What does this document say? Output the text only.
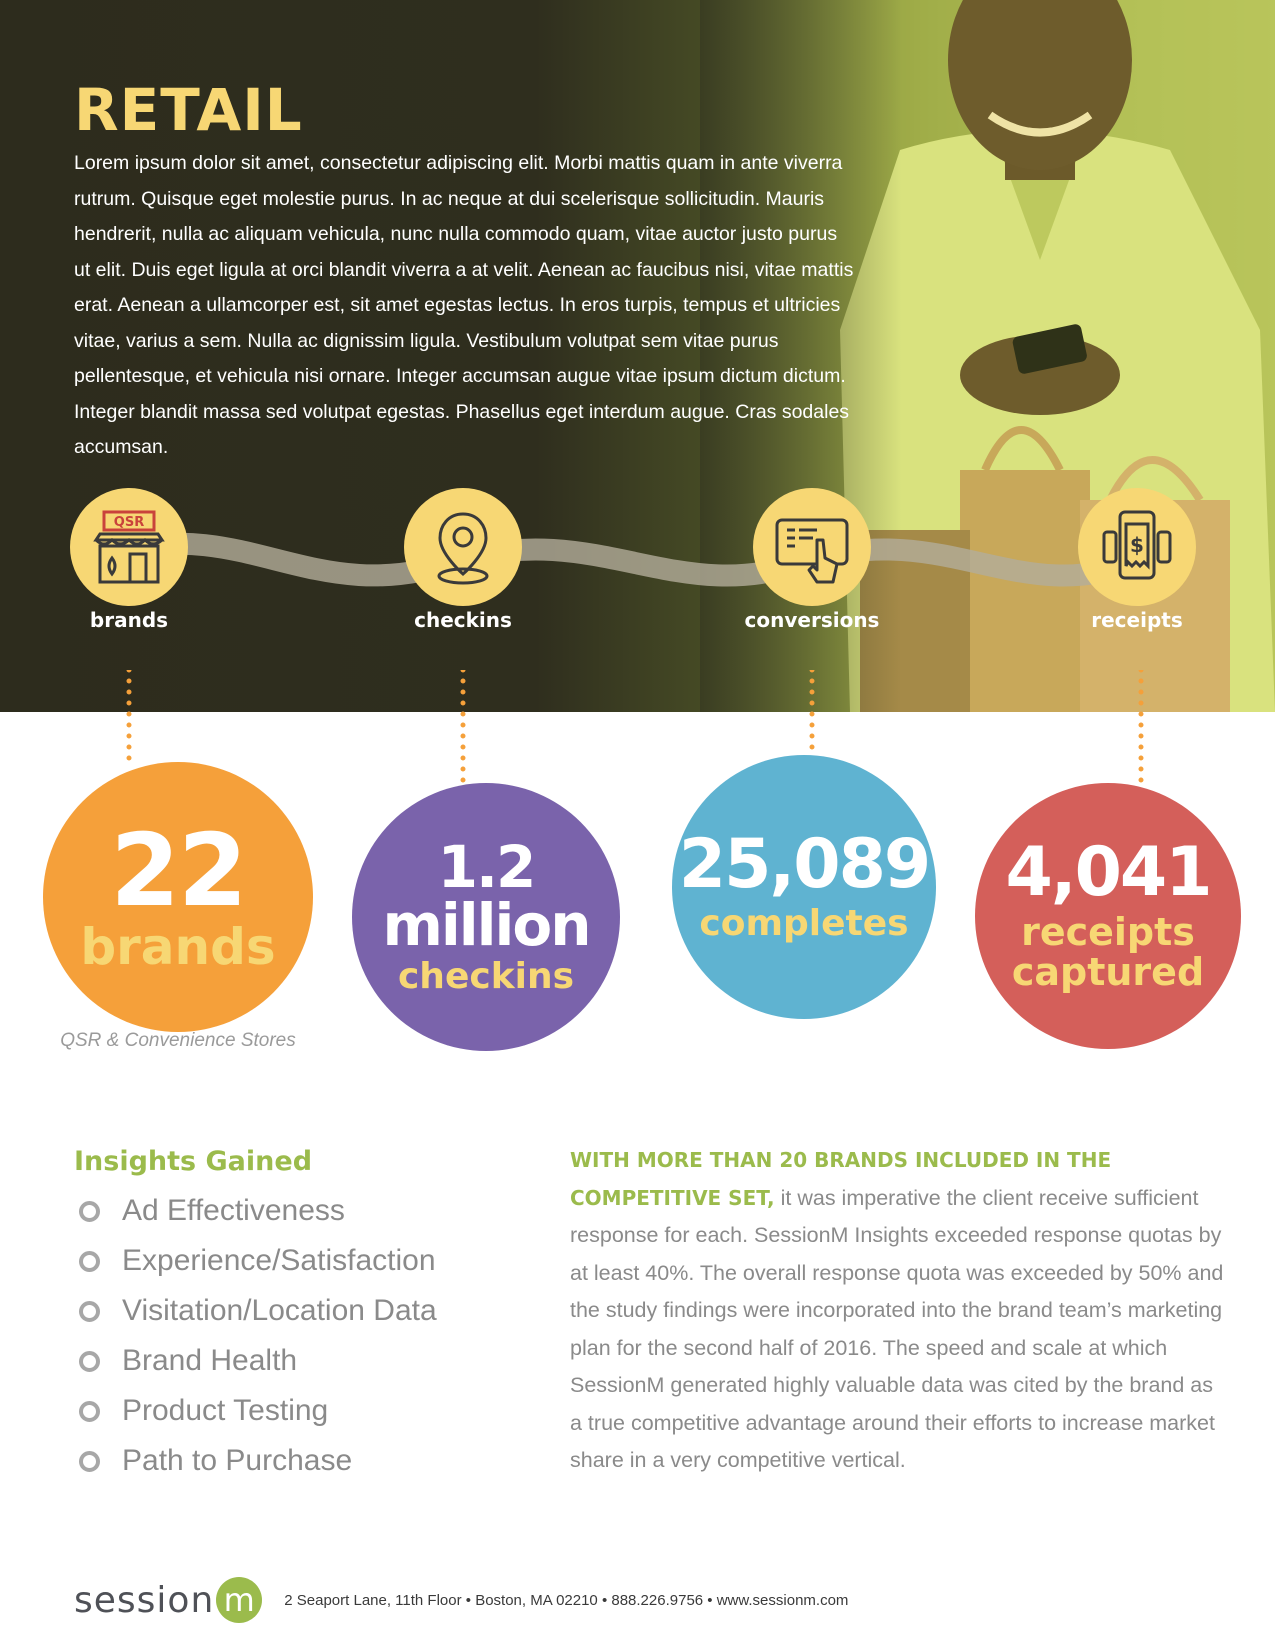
RETAIL

Lorem ipsum dolor sit amet, consectetur adipiscing elit. Morbi mattis quam in ante viverra rutrum. Quisque eget molestie purus. In ac neque at dui scelerisque sollicitudin. Mauris hendrerit, nulla ac aliquam vehicula, nunc nulla commodo quam, vitae auctor justo purus ut elit. Duis eget ligula at orci blandit viverra a at velit. Aenean ac faucibus nisi, vitae mattis erat. Aenean a ullamcorper est, sit amet egestas lectus. In eros turpis, tempus et ultricies vitae, varius a sem. Nulla ac dignissim ligula. Vestibulum volutpat sem vitae purus pellentesque, et vehicula nisi ornare. Integer accumsan augue vitae ipsum dictum dictum. Integer blandit massa sed volutpat egestas. Phasellus eget interdum augue. Cras sodales accumsan.

QSR
brands	checkins	conversions
$
receipts
22
brands
1.2
million
checkins
25,089
completes
4,041
receipts
captured
QSR & Convenience Stores
Insights Gained
Ad Effectiveness
Experience/Satisfaction
Visitation/Location Data
Brand Health
Product Testing
Path to Purchase

WITH MORE THAN 20 BRANDS INCLUDED IN THE COMPETITIVE SET, it was imperative the client receive sufficient response for each. SessionM Insights exceeded response quotas by at least 40%. The overall response quota was exceeded by 50% and the study findings were incorporated into the brand team’s marketing plan for the second half of 2016. The speed and scale at which SessionM generated highly valuable data was cited by the brand as a true competitive advantage around their efforts to increase market share in a very competitive vertical.

session m	2 Seaport Lane, 11th Floor • Boston, MA 02210 • 888.226.9756 • www.sessionm.com
